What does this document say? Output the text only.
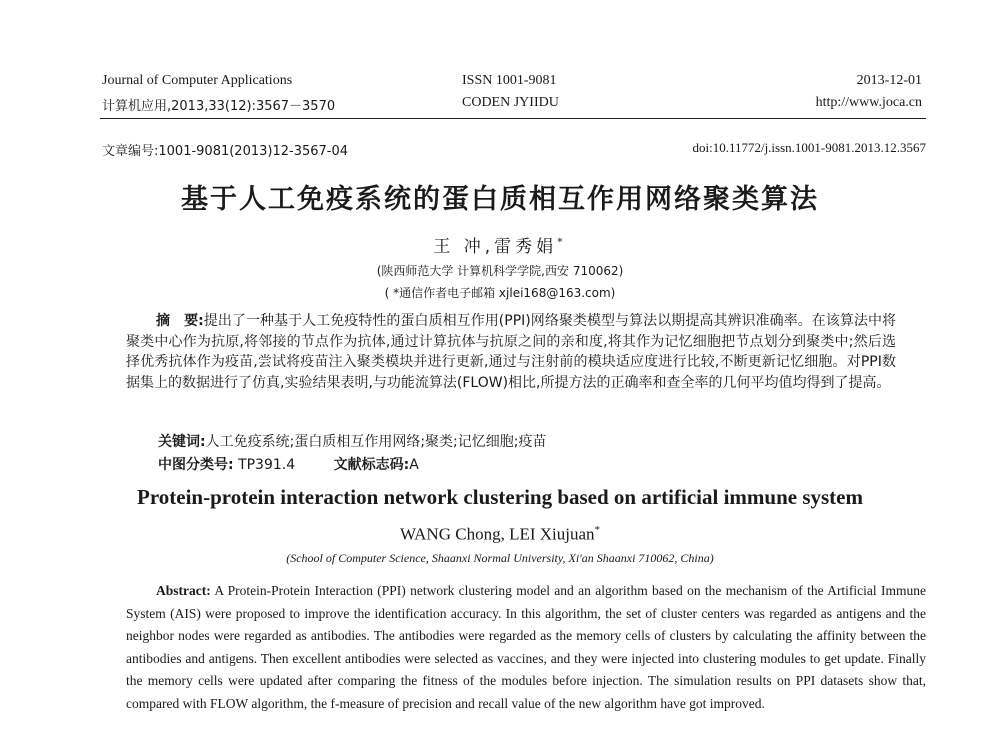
Journal of Computer Applications
计算机应用,2013,33(12):3567－3570
ISSN 1001-9081
CODEN JYIIDU
2013-12-01
http://www.joca.cn
文章编号:1001-9081(2013)12-3567-04	doi:10.11772/j.issn.1001-9081.2013.12.3567
基于人工免疫系统的蛋白质相互作用网络聚类算法
王 冲,雷秀娟*
(陕西师范大学 计算机科学学院,西安 710062)
( *通信作者电子邮箱 xjlei168@163.com)
摘　要:提出了一种基于人工免疫特性的蛋白质相互作用(PPI)网络聚类模型与算法以期提高其辨识准确率。在该算法中将聚类中心作为抗原,将邻接的节点作为抗体,通过计算抗体与抗原之间的亲和度,将其作为记忆细胞把节点划分到聚类中;然后选择优秀抗体作为疫苗,尝试将疫苗注入聚类模块并进行更新,通过与注射前的模块适应度进行比较,不断更新记忆细胞。对PPI数据集上的数据进行了仿真,实验结果表明,与功能流算法(FLOW)相比,所提方法的正确率和查全率的几何平均值均得到了提高。
关键词:人工免疫系统;蛋白质相互作用网络;聚类;记忆细胞;疫苗
中图分类号: TP391.4	文献标志码:A
Protein-protein interaction network clustering based on artificial immune system
WANG Chong, LEI Xiujuan*
(School of Computer Science, Shaanxi Normal University, Xi'an Shaanxi 710062, China)
Abstract: A Protein-Protein Interaction (PPI) network clustering model and an algorithm based on the mechanism of the Artificial Immune System (AIS) were proposed to improve the identification accuracy. In this algorithm, the set of cluster centers was regarded as antigens and the neighbor nodes were regarded as antibodies. The antibodies were regarded as the memory cells of clusters by calculating the affinity between the antibodies and antigens. Then excellent antibodies were selected as vaccines, and they were injected into clustering modules to get update. Finally the memory cells were updated after comparing the fitness of the modules before injection. The simulation results on PPI datasets show that, compared with FLOW algorithm, the f-measure of precision and recall value of the new algorithm have got improved.
